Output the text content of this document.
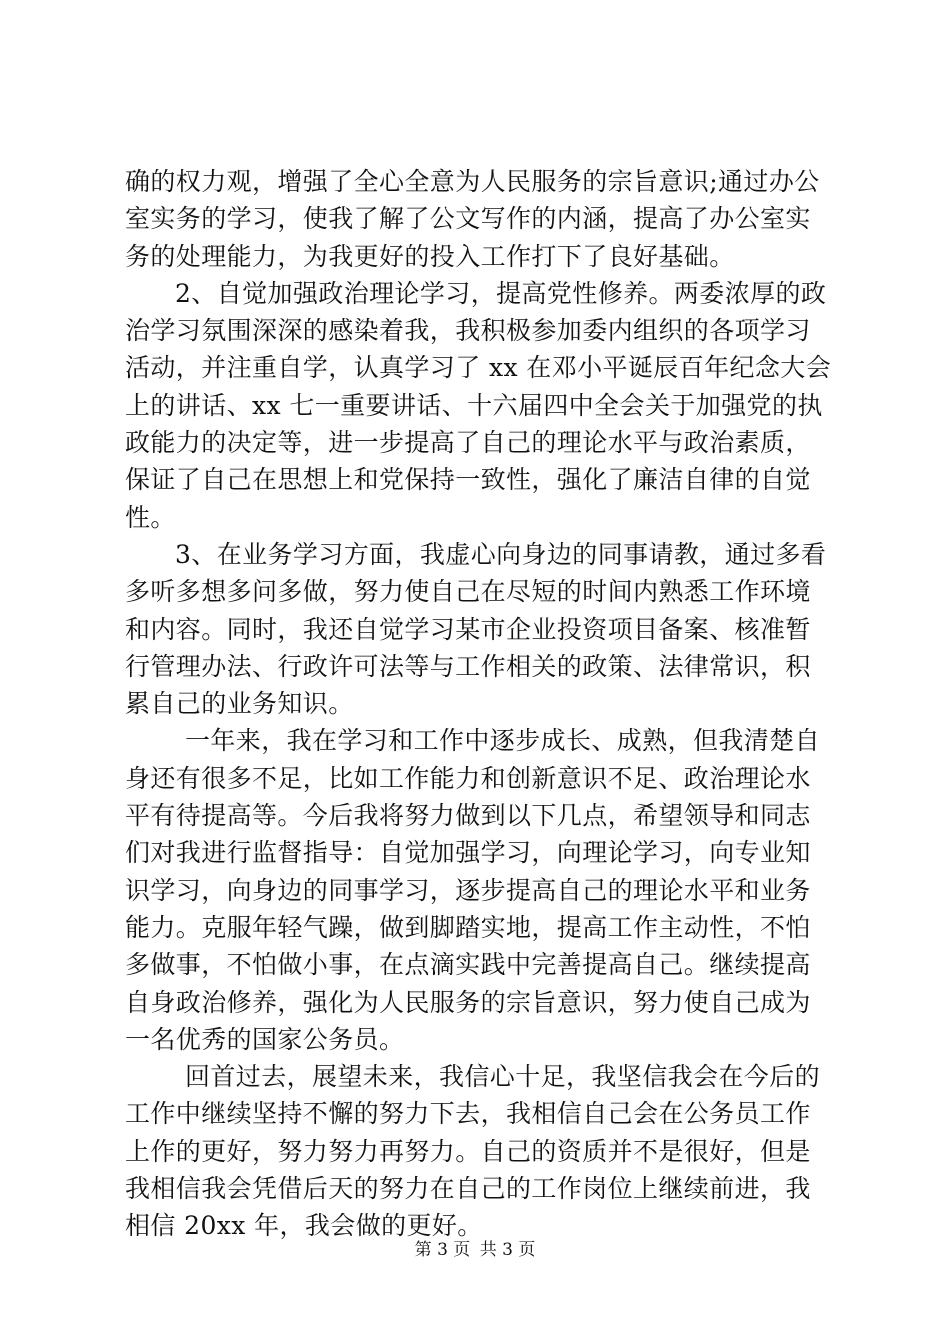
确的权力观，增强了全心全意为人民服务的宗旨意识;通过办公
室实务的学习，使我了解了公文写作的内涵，提高了办公室实
务的处理能力，为我更好的投入工作打下了良好基础。
2、自觉加强政治理论学习，提高党性修养。两委浓厚的政
治学习氛围深深的感染着我，我积极参加委内组织的各项学习
活动，并注重自学，认真学习了 xx 在邓小平诞辰百年纪念大会
上的讲话、xx 七一重要讲话、十六届四中全会关于加强党的执
政能力的决定等，进一步提高了自己的理论水平与政治素质，
保证了自己在思想上和党保持一致性，强化了廉洁自律的自觉
性。
3、在业务学习方面，我虚心向身边的同事请教，通过多看
多听多想多问多做，努力使自己在尽短的时间内熟悉工作环境
和内容。同时，我还自觉学习某市企业投资项目备案、核准暂
行管理办法、行政许可法等与工作相关的政策、法律常识，积
累自己的业务知识。
一年来，我在学习和工作中逐步成长、成熟，但我清楚自
身还有很多不足，比如工作能力和创新意识不足、政治理论水
平有待提高等。今后我将努力做到以下几点，希望领导和同志
们对我进行监督指导：自觉加强学习，向理论学习，向专业知
识学习，向身边的同事学习，逐步提高自己的理论水平和业务
能力。克服年轻气躁，做到脚踏实地，提高工作主动性，不怕
多做事，不怕做小事，在点滴实践中完善提高自己。继续提高
自身政治修养，强化为人民服务的宗旨意识，努力使自己成为
一名优秀的国家公务员。
回首过去，展望未来，我信心十足，我坚信我会在今后的
工作中继续坚持不懈的努力下去，我相信自己会在公务员工作
上作的更好，努力努力再努力。自己的资质并不是很好，但是
我相信我会凭借后天的努力在自己的工作岗位上继续前进，我
相信 20xx 年，我会做的更好。
第 3 页 共 3 页
